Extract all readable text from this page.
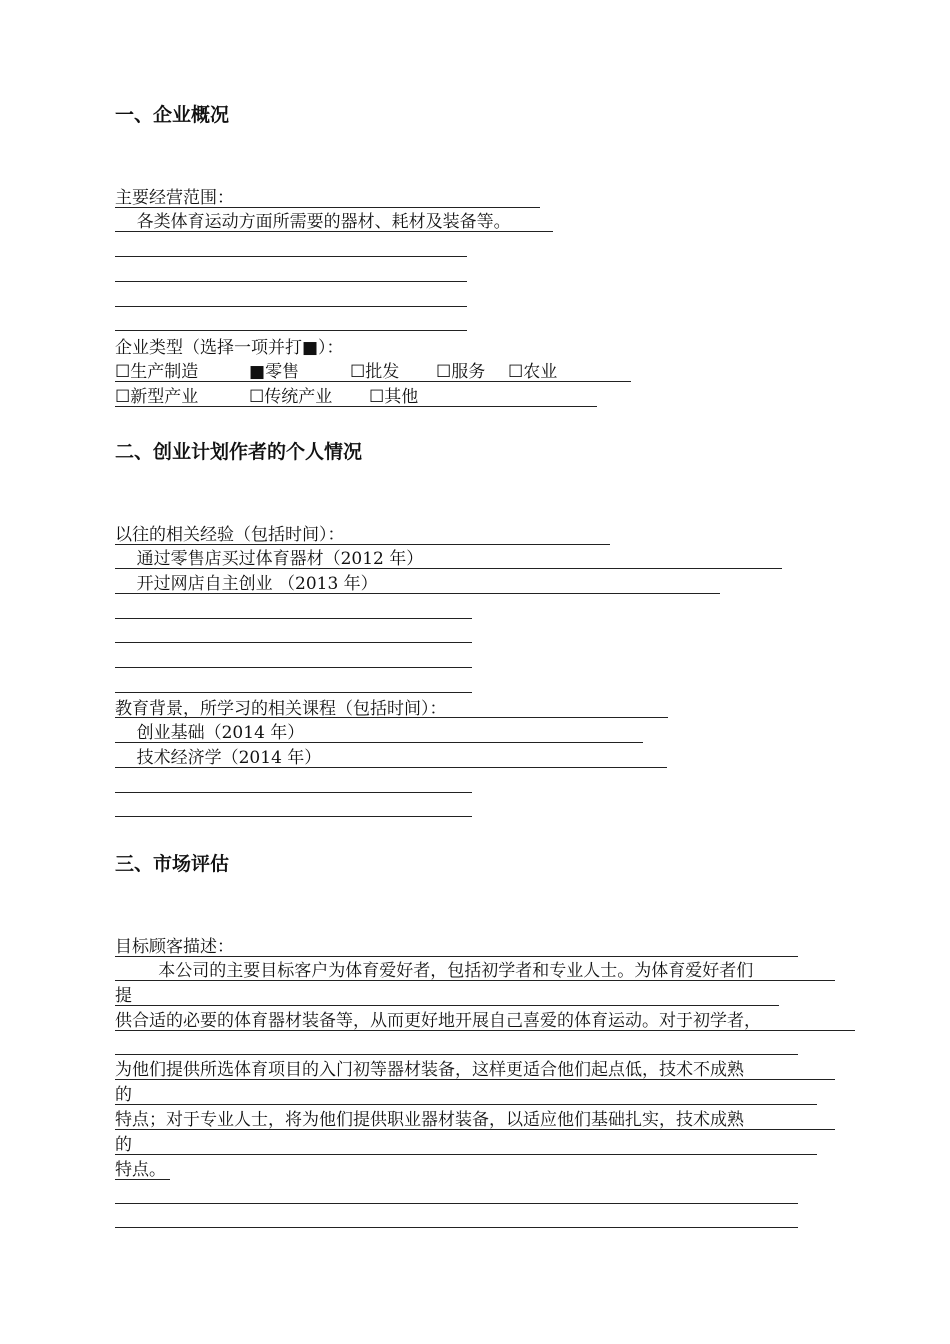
一、企业概况
主要经营范围：
各类体育运动方面所需要的器材、耗材及装备等。
企业类型（选择一项并打■）：
☐生产制造	■零售	☐批发 ☐服务 ☐农业
☐新型产业	☐传统产业 ☐其他
二、创业计划作者的个人情况
以往的相关经验（包括时间）：
通过零售店买过体育器材（2012 年）
开过网店自主创业 （2013 年）
教育背景，所学习的相关课程（包括时间）：
创业基础（2014 年）
技术经济学（2014 年）
三、市场评估
目标顾客描述：
本公司的主要目标客户为体育爱好者，包括初学者和专业人士。为体育爱好者们
提
供合适的必要的体育器材装备等，从而更好地开展自己喜爱的体育运动。对于初学者，
为他们提供所选体育项目的入门初等器材装备，这样更适合他们起点低，技术不成熟
的
特点；对于专业人士，将为他们提供职业器材装备，以适应他们基础扎实，技术成熟
的
特点。
